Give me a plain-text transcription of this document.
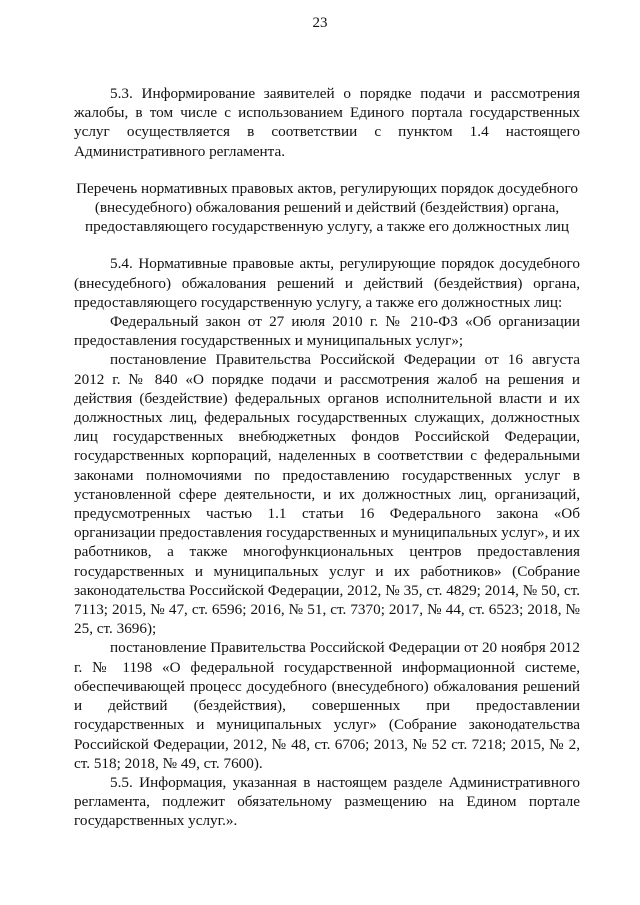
23

5.3. Информирование заявителей о порядке подачи и рассмотрения жалобы, в том числе с использованием Единого портала государственных услуг осуществляется в соответствии с пунктом 1.4 настоящего Административного регламента.

Перечень нормативных правовых актов, регулирующих порядок досудебного (внесудебного) обжалования решений и действий (бездействия) органа, предоставляющего государственную услугу, а также его должностных лиц

5.4. Нормативные правовые акты, регулирующие порядок досудебного (внесудебного) обжалования решений и действий (бездействия) органа, предоставляющего государственную услугу, а также его должностных лиц:

Федеральный закон от 27 июля 2010 г. № 210-ФЗ «Об организации предоставления государственных и муниципальных услуг»;

постановление Правительства Российской Федерации от 16 августа 2012 г. № 840 «О порядке подачи и рассмотрения жалоб на решения и действия (бездействие) федеральных органов исполнительной власти и их должностных лиц, федеральных государственных служащих, должностных лиц государственных внебюджетных фондов Российской Федерации, государственных корпораций, наделенных в соответствии с федеральными законами полномочиями по предоставлению государственных услуг в установленной сфере деятельности, и их должностных лиц, организаций, предусмотренных частью 1.1 статьи 16 Федерального закона «Об организации предоставления государственных и муниципальных услуг», и их работников, а также многофункциональных центров предоставления государственных и муниципальных услуг и их работников» (Собрание законодательства Российской Федерации, 2012, № 35, ст. 4829; 2014, № 50, ст. 7113; 2015, № 47, ст. 6596; 2016, № 51, ст. 7370; 2017, № 44, ст. 6523; 2018, № 25, ст. 3696);

постановление Правительства Российской Федерации от 20 ноября 2012 г. № 1198 «О федеральной государственной информационной системе, обеспечивающей процесс досудебного (внесудебного) обжалования решений и действий (бездействия), совершенных при предоставлении государственных и муниципальных услуг» (Собрание законодательства Российской Федерации, 2012, № 48, ст. 6706; 2013, № 52 ст. 7218; 2015, № 2, ст. 518; 2018, № 49, ст. 7600).

5.5. Информация, указанная в настоящем разделе Административного регламента, подлежит обязательному размещению на Едином портале государственных услуг.».
